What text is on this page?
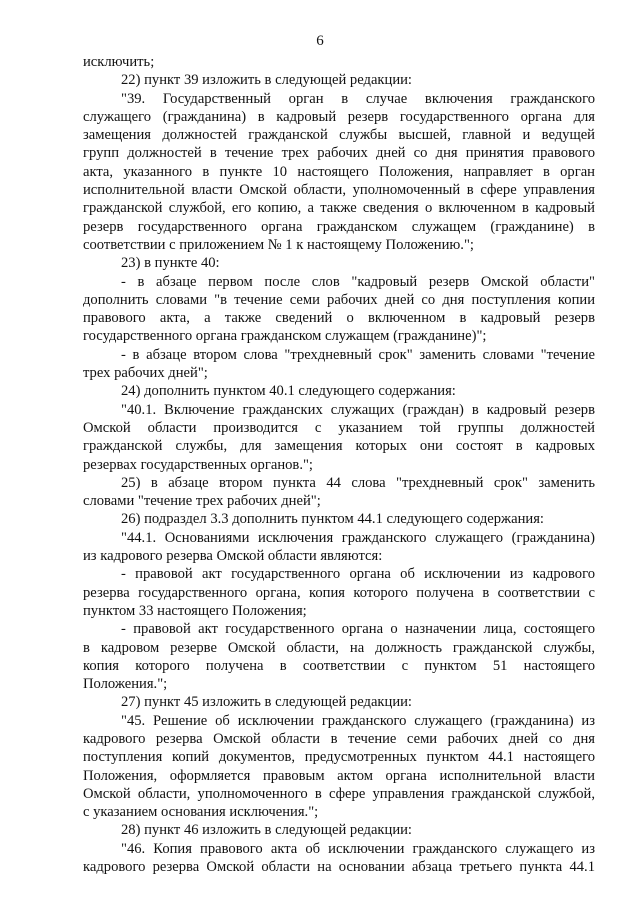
6
исключить;
22) пункт 39 изложить в следующей редакции:
"39. Государственный орган в случае включения гражданского
служащего (гражданина) в кадровый резерв государственного органа для
замещения должностей гражданской службы высшей, главной и ведущей
групп должностей в течение трех рабочих дней со дня принятия правового
акта, указанного в пункте 10 настоящего Положения, направляет в орган
исполнительной власти Омской области, уполномоченный в сфере управления
гражданской службой, его копию, а также сведения о включенном в кадровый
резерв государственного органа гражданском служащем (гражданине) в
соответствии с приложением № 1 к настоящему Положению.";
23) в пункте 40:
- в абзаце первом после слов "кадровый резерв Омской области"
дополнить словами "в течение семи рабочих дней со дня поступления копии
правового акта, а также сведений о включенном в кадровый резерв
государственного органа гражданском служащем (гражданине)";
- в абзаце втором слова "трехдневный срок" заменить словами "течение
трех рабочих дней";
24) дополнить пунктом 40.1 следующего содержания:
"40.1. Включение гражданских служащих (граждан) в кадровый резерв
Омской области производится с указанием той группы должностей
гражданской службы, для замещения которых они состоят в кадровых
резервах государственных органов.";
25) в абзаце втором пункта 44 слова "трехдневный срок" заменить
словами "течение трех рабочих дней";
26) подраздел 3.3 дополнить пунктом 44.1 следующего содержания:
"44.1. Основаниями исключения гражданского служащего (гражданина)
из кадрового резерва Омской области являются:
- правовой акт государственного органа об исключении из кадрового
резерва государственного органа, копия которого получена в соответствии с
пунктом 33 настоящего Положения;
- правовой акт государственного органа о назначении лица, состоящего
в кадровом резерве Омской области, на должность гражданской службы,
копия которого получена в соответствии с пунктом 51 настоящего
Положения.";
27) пункт 45 изложить в следующей редакции:
"45. Решение об исключении гражданского служащего (гражданина) из
кадрового резерва Омской области в течение семи рабочих дней со дня
поступления копий документов, предусмотренных пунктом 44.1 настоящего
Положения, оформляется правовым актом органа исполнительной власти
Омской области, уполномоченного в сфере управления гражданской службой,
с указанием основания исключения.";
28) пункт 46 изложить в следующей редакции:
"46. Копия правового акта об исключении гражданского служащего из
кадрового резерва Омской области на основании абзаца третьего пункта 44.1
